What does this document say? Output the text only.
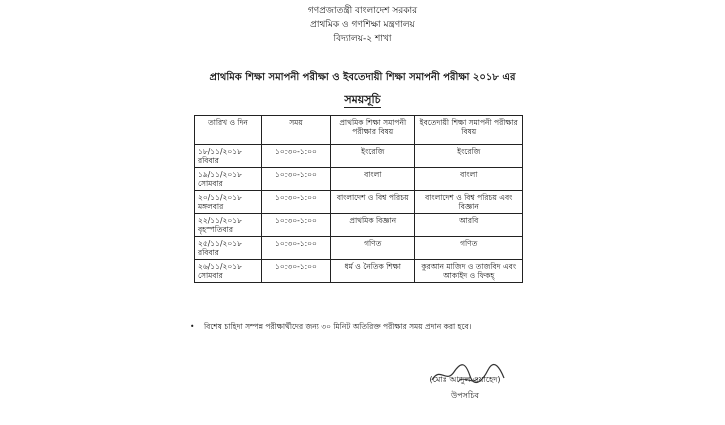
গণপ্রজাতন্ত্রী বাংলাদেশ সরকার
প্রাথমিক ও গণশিক্ষা মন্ত্রণালয়
বিদ্যালয়-২ শাখা
প্রাথমিক শিক্ষা সমাপনী পরীক্ষা ও ইবতেদায়ী শিক্ষা সমাপনী পরীক্ষা ২০১৮ এর
সময়সূচি
তারিখ ও দিন	সময়	প্রাথমিক শিক্ষা সমাপনী পরীক্ষার বিষয়	ইবতেদায়ী শিক্ষা সমাপনী পরীক্ষার বিষয়

১৮/১১/২০১৮
রবিবার	১০:৩০-১:০০	ইংরেজি	ইংরেজি

১৯/১১/২০১৮
সোমবার	১০:৩০-১:০০	বাংলা	বাংলা

২০/১১/২০১৮
মঙ্গলবার	১০:৩০-১:০০	বাংলাদেশ ও বিশ্ব পরিচয়	বাংলাদেশ ও বিশ্ব পরিচয় এবং বিজ্ঞান

২২/১১/২০১৮
বৃহস্পতিবার	১০:৩০-১:০০	প্রাথমিক বিজ্ঞান	আরবি

২৫/১১/২০১৮
রবিবার	১০:৩০-১:০০	গণিত	গণিত

২৬/১১/২০১৮
সোমবার	১০:৩০-১:০০	ধর্ম ও নৈতিক শিক্ষা	কুরআন মাজিদ ও তাজবিদ এবং আকাইদ ও ফিকহ্
• বিশেষ চাহিদা সম্পন্ন পরীক্ষার্থীদের জন্য ৩০ মিনিট অতিরিক্ত পরীক্ষার সময় প্রদান করা হবে।
(মোঃ আব্দুল ওয়াহেদ)
উপসচিব
